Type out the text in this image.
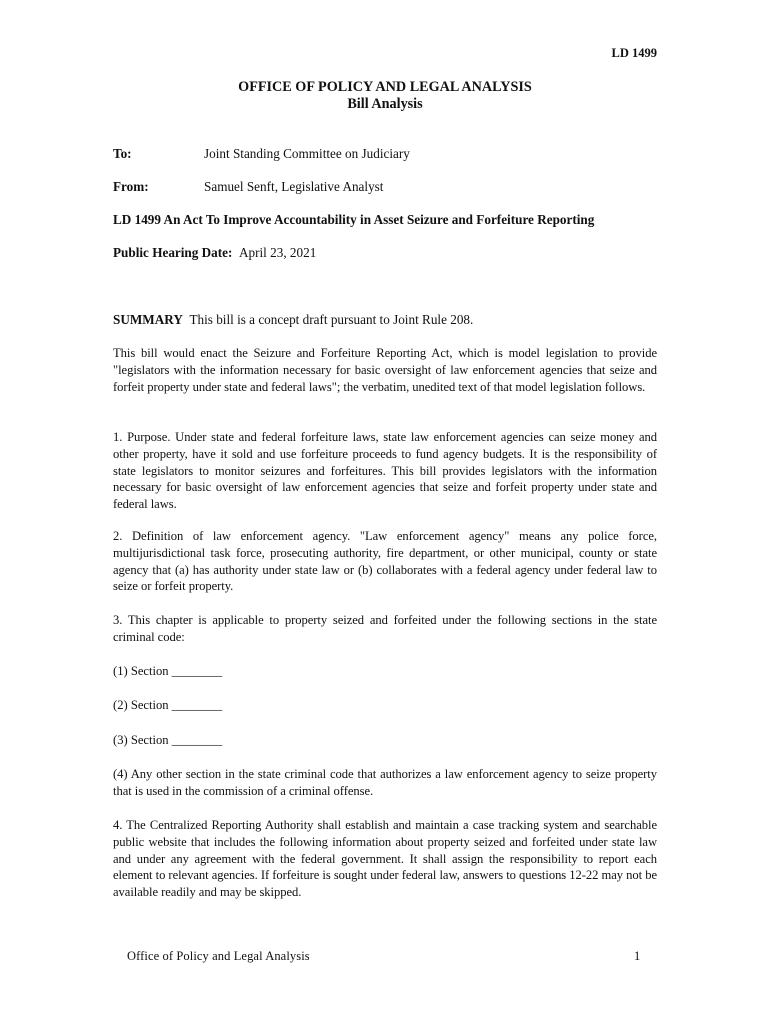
LD 1499
OFFICE OF POLICY AND LEGAL ANALYSIS
Bill Analysis
To:	Joint Standing Committee on Judiciary
From:	Samuel Senft, Legislative Analyst
LD 1499 An Act To Improve Accountability in Asset Seizure and Forfeiture Reporting
Public Hearing Date: April 23, 2021
SUMMARY This bill is a concept draft pursuant to Joint Rule 208.
This bill would enact the Seizure and Forfeiture Reporting Act, which is model legislation to provide "legislators with the information necessary for basic oversight of law enforcement agencies that seize and forfeit property under state and federal laws"; the verbatim, unedited text of that model legislation follows.
1. Purpose. Under state and federal forfeiture laws, state law enforcement agencies can seize money and other property, have it sold and use forfeiture proceeds to fund agency budgets. It is the responsibility of state legislators to monitor seizures and forfeitures. This bill provides legislators with the information necessary for basic oversight of law enforcement agencies that seize and forfeit property under state and federal laws.
2. Definition of law enforcement agency. "Law enforcement agency" means any police force, multijurisdictional task force, prosecuting authority, fire department, or other municipal, county or state agency that (a) has authority under state law or (b) collaborates with a federal agency under federal law to seize or forfeit property.
3. This chapter is applicable to property seized and forfeited under the following sections in the state criminal code:
(1) Section ________
(2) Section ________
(3) Section ________
(4) Any other section in the state criminal code that authorizes a law enforcement agency to seize property that is used in the commission of a criminal offense.
4. The Centralized Reporting Authority shall establish and maintain a case tracking system and searchable public website that includes the following information about property seized and forfeited under state law and under any agreement with the federal government. It shall assign the responsibility to report each element to relevant agencies. If forfeiture is sought under federal law, answers to questions 12-22 may not be available readily and may be skipped.
Office of Policy and Legal Analysis	1
